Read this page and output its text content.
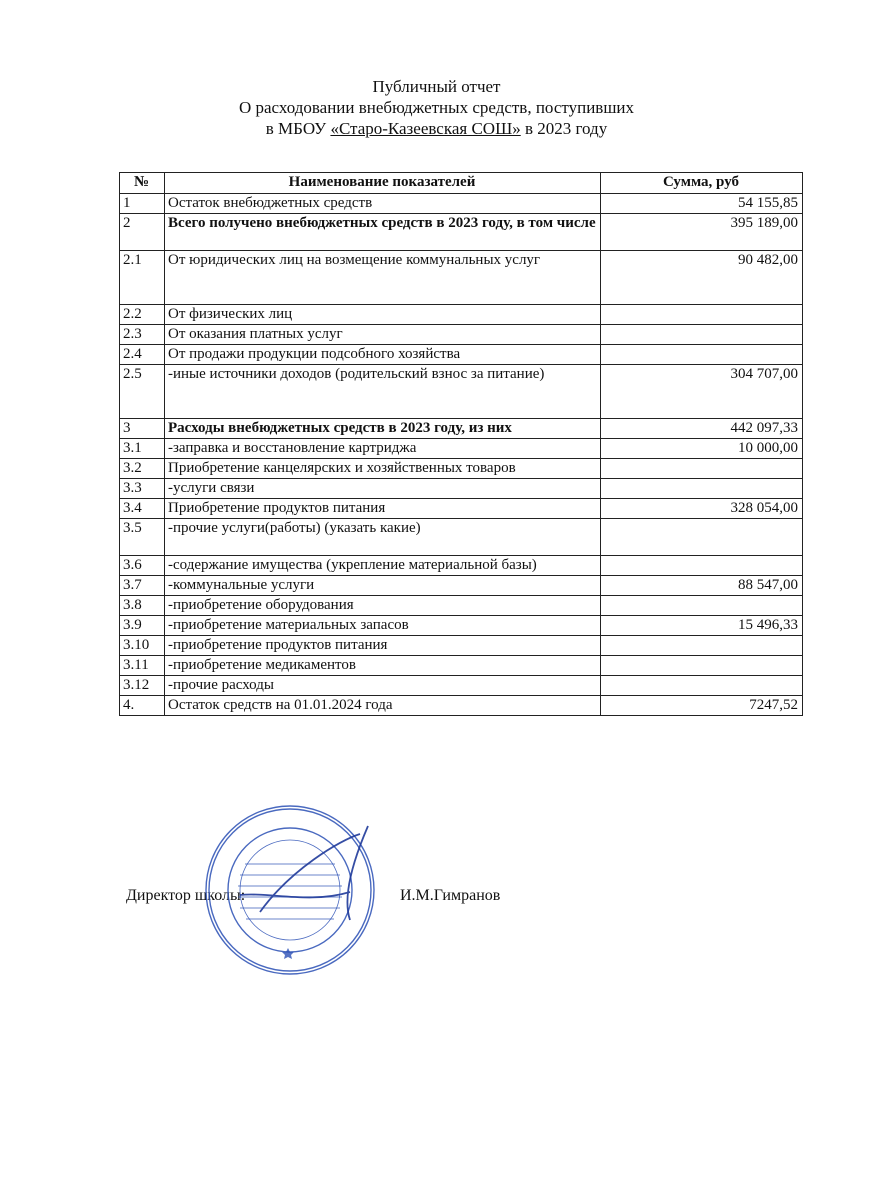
Публичный отчет
О расходовании внебюджетных средств, поступивших
в МБОУ «Старо-Казеевская СОШ» в 2023 году
№	Наименование показателей	Сумма, руб
1	Остаток внебюджетных средств	54 155,85
2	Всего получено внебюджетных средств в 2023 году, в том числе	395 189,00
2.1	От юридических лиц на возмещение коммунальных услуг	90 482,00
2.2	От физических лиц	
2.3	От оказания платных услуг	
2.4	От продажи продукции подсобного хозяйства	
2.5	-иные источники доходов (родительский взнос за питание)	304 707,00
3	Расходы внебюджетных средств в 2023 году, из них	442 097,33
3.1	-заправка и восстановление картриджа	10 000,00
3.2	Приобретение канцелярских и хозяйственных товаров	
3.3	-услуги связи	
3.4	Приобретение продуктов питания	328 054,00
3.5	-прочие услуги(работы) (указать какие)	
3.6	-содержание имущества (укрепление материальной базы)	
3.7	-коммунальные услуги	88 547,00
3.8	-приобретение оборудования	
3.9	-приобретение материальных запасов	15 496,33
3.10	-приобретение продуктов питания	
3.11	-приобретение медикаментов	
3.12	-прочие расходы	
4.	Остаток средств на 01.01.2024 года	7247,52
Директор школы:	И.М.Гимранов
